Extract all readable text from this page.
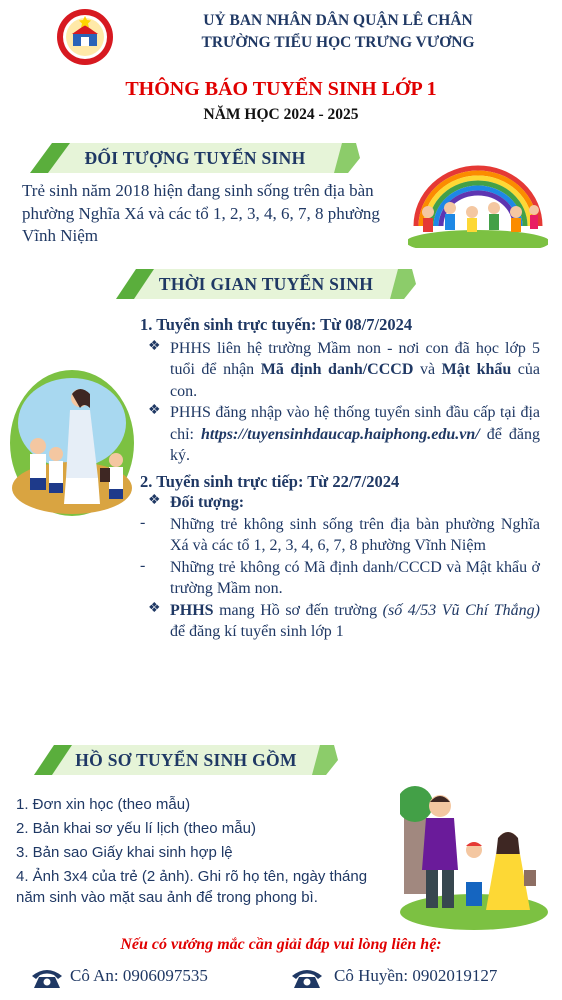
UỶ BAN NHÂN DÂN QUẬN LÊ CHÂN
TRƯỜNG TIỂU HỌC TRƯNG VƯƠNG
THÔNG BÁO TUYỂN SINH LỚP 1
NĂM HỌC 2024 - 2025
ĐỐI TƯỢNG TUYỂN SINH
Trẻ sinh năm 2018 hiện đang sinh sống trên địa bàn phường Nghĩa Xá và các tổ 1, 2, 3, 4, 6, 7, 8 phường Vĩnh Niệm
THỜI GIAN TUYỂN SINH
1. Tuyển sinh trực tuyến: Từ 08/7/2024
❖ PHHS liên hệ trường Mầm non - nơi con đã học lớp 5 tuổi để nhận Mã định danh/CCCD và Mật khẩu của con.
❖ PHHS đăng nhập vào hệ thống tuyển sinh đầu cấp tại địa chỉ: https://tuyensinhdaucap.haiphong.edu.vn/ để đăng ký.
2. Tuyển sinh trực tiếp: Từ 22/7/2024
❖ Đối tượng:
-	Những trẻ không sinh sống trên địa bàn phường Nghĩa Xá và các tổ 1, 2, 3, 4, 6, 7, 8 phường Vĩnh Niệm
-	Những trẻ không có Mã định danh/CCCD và Mật khẩu ở trường Mầm non.
❖ PHHS mang Hồ sơ đến trường (số 4/53 Vũ Chí Thắng) để đăng kí tuyển sinh lớp 1
HỒ SƠ TUYỂN SINH GỒM
1. Đơn xin học (theo mẫu)
2. Bản khai sơ yếu lí lịch (theo mẫu)
3. Bản sao Giấy khai sinh hợp lệ
4. Ảnh 3x4 của trẻ (2 ảnh). Ghi rõ họ tên, ngày tháng năm sinh vào mặt sau ảnh để trong phong bì.
Nếu có vướng mắc cần giải đáp vui lòng liên hệ:
Cô An: 0906097535	Cô Huyền: 0902019127
